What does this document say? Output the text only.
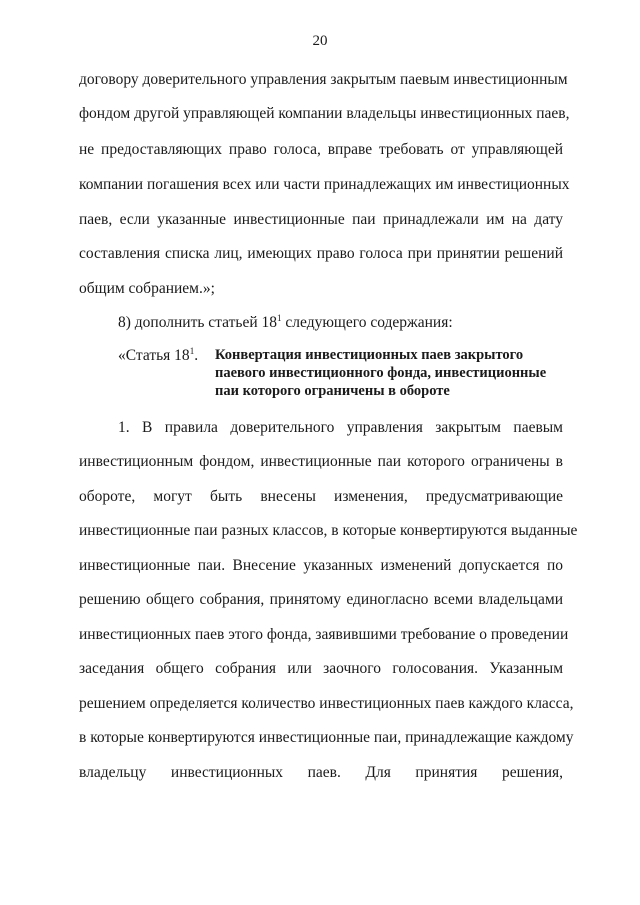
20
договору доверительного управления закрытым паевым инвестиционным
фондом другой управляющей компании владельцы инвестиционных паев,
не предоставляющих право голоса, вправе требовать от управляющей
компании погашения всех или части принадлежащих им инвестиционных
паев, если указанные инвестиционные паи принадлежали им на дату
составления списка лиц, имеющих право голоса при принятии решений
общим собранием.»;
8) дополнить статьей $18^1$ следующего содержания:
«Статья $18^1$. Конвертация инвестиционных паев закрытого
паевого инвестиционного фонда, инвестиционные
паи которого ограничены в обороте
1. В правила доверительного управления закрытым паевым
инвестиционным фондом, инвестиционные паи которого ограничены в
обороте, могут быть внесены изменения, предусматривающие
инвестиционные паи разных классов, в которые конвертируются выданные
инвестиционные паи. Внесение указанных изменений допускается по
решению общего собрания, принятому единогласно всеми владельцами
инвестиционных паев этого фонда, заявившими требование о проведении
заседания общего собрания или заочного голосования. Указанным
решением определяется количество инвестиционных паев каждого класса,
в которые конвертируются инвестиционные паи, принадлежащие каждому
владельцу инвестиционных паев. Для принятия решения,
